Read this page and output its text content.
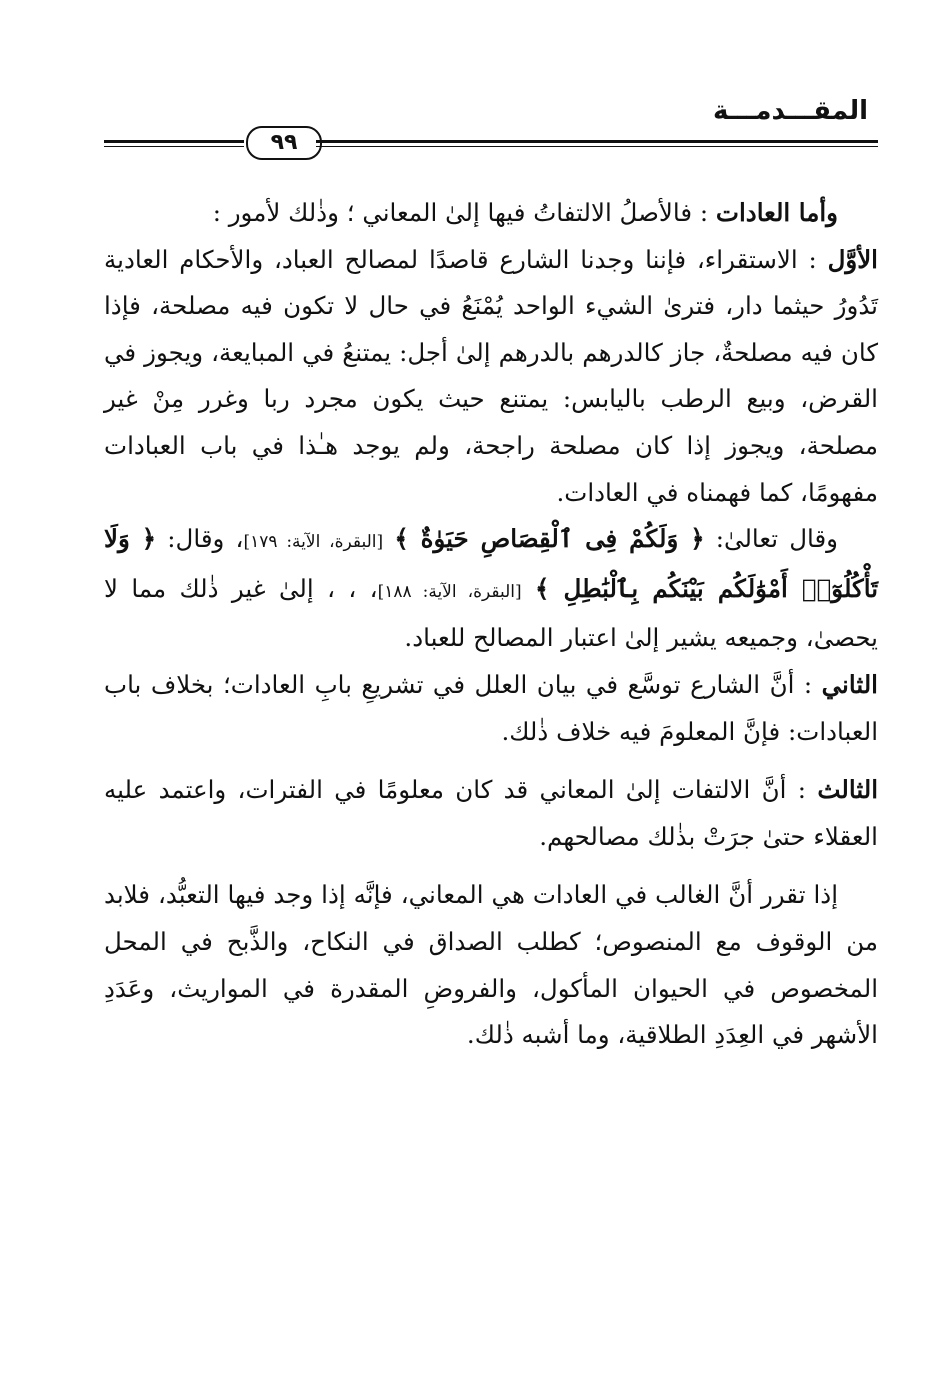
المقـــدمـــة
٩٩

وأما العادات : فالأصلُ الالتفاتُ فيها إلىٰ المعاني ؛ وذٰلك لأمور :

الأوَّل : الاستقراء، فإننا وجدنا الشارع قاصدًا لمصالح العباد، والأحكام العادية تَدُورُ حيثما دار، فترىٰ الشيء الواحد يُمْنَعُ في حال لا تكون فيه مصلحة، فإذا كان فيه مصلحةٌ، جاز كالدرهم بالدرهم إلىٰ أجل: يمتنعُ في المبايعة، ويجوز في القرض، وبيع الرطب باليابس: يمتنع حيث يكون مجرد ربا وغرر مِنْ غير مصلحة، ويجوز إذا كان مصلحة راجحة، ولم يوجد هـٰذا في باب العبادات مفهومًا، كما فهمناه في العادات.

وقال تعالىٰ: ﴿ وَلَكُمْ فِى ٱلْقِصَاصِ حَيَوٰةٌ ﴾ [البقرة، الآية: ١٧٩]، وقال: ﴿ وَلَا تَأْكُلُوٓا۟ أَمْوَٰلَكُم بَيْنَكُم بِٱلْبَٰطِلِ ﴾ [البقرة، الآية: ١٨٨]، ، ، إلىٰ غير ذٰلك مما لا يحصىٰ، وجميعه يشير إلىٰ اعتبار المصالح للعباد.

الثاني : أنَّ الشارع توسَّع في بيان العلل في تشريعِ بابِ العادات؛ بخلاف باب العبادات: فإنَّ المعلومَ فيه خلاف ذٰلك.

الثالث : أنَّ الالتفات إلىٰ المعاني قد كان معلومًا في الفترات، واعتمد عليه العقلاء حتىٰ جرَتْ بذٰلك مصالحهم.

إذا تقرر أنَّ الغالب في العادات هي المعاني، فإنَّه إذا وجد فيها التعبُّد، فلابد من الوقوف مع المنصوص؛ كطلب الصداق في النكاح، والذَّبح في المحل المخصوص في الحيوان المأكول، والفروضِ المقدرة في المواريث، وعَدَدِ الأشهر في العِدَدِ الطلاقية، وما أشبه ذٰلك.
